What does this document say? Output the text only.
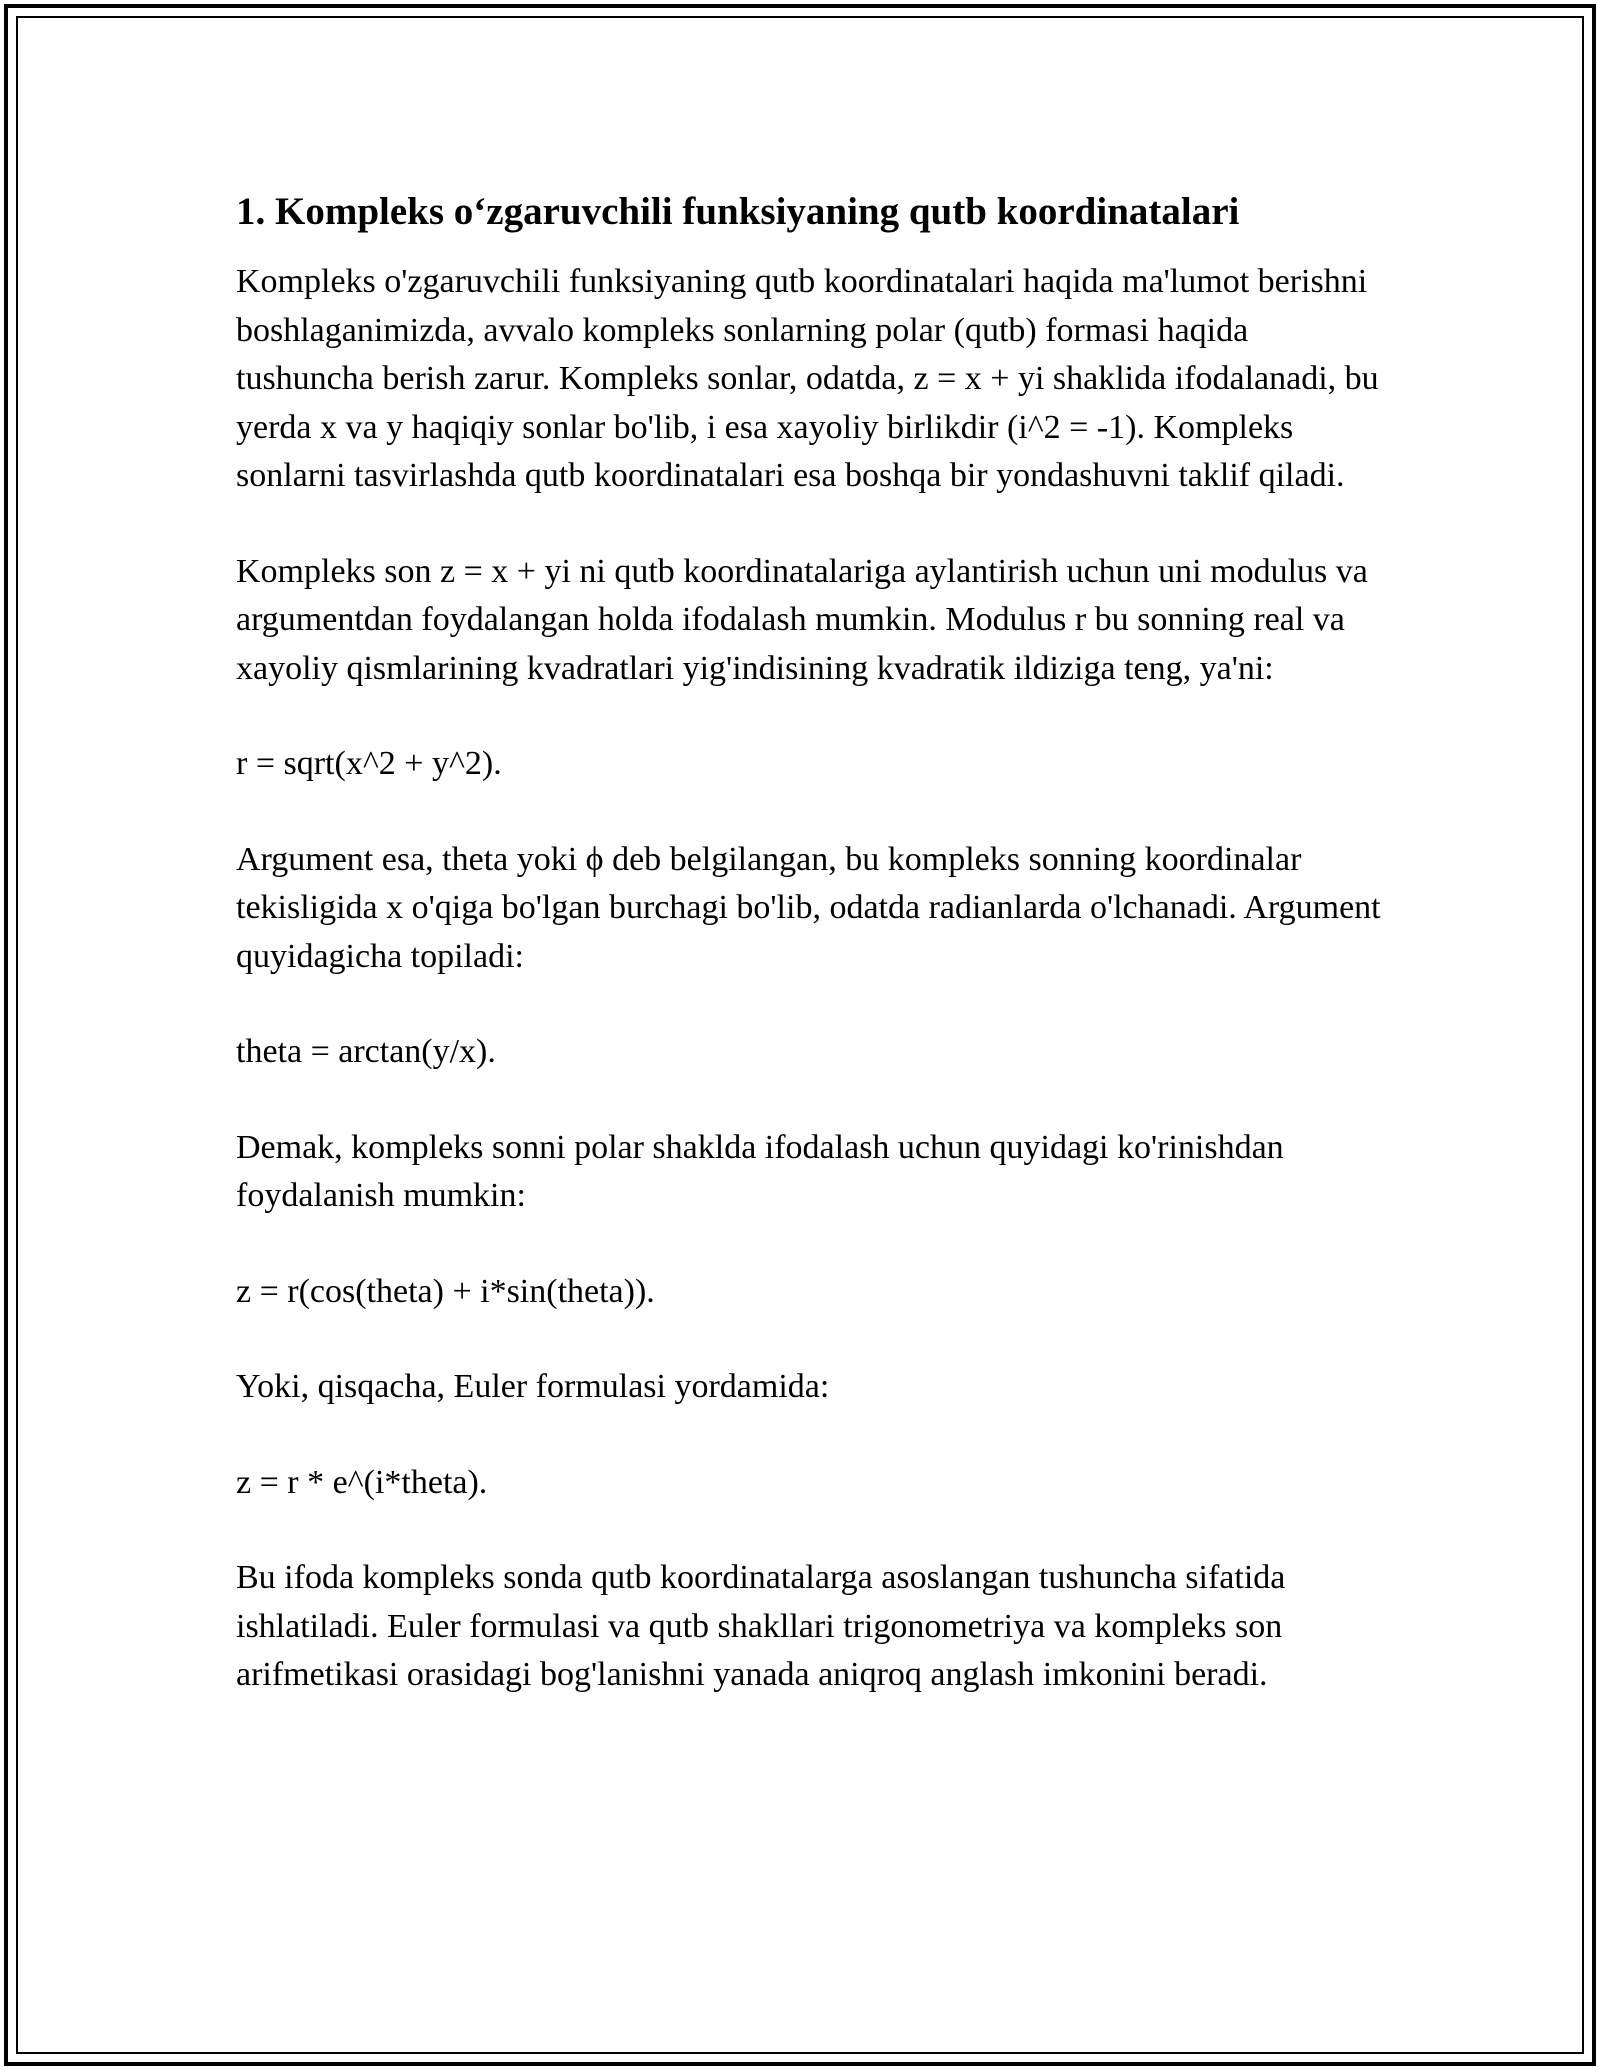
1. Kompleks o‘zgaruvchili funksiyaning qutb koordinatalari

Kompleks o'zgaruvchili funksiyaning qutb koordinatalari haqida ma'lumot berishni boshlaganimizda, avvalo kompleks sonlarning polar (qutb) formasi haqida tushuncha berish zarur. Kompleks sonlar, odatda, z = x + yi shaklida ifodalanadi, bu yerda x va y haqiqiy sonlar bo'lib, i esa xayoliy birlikdir (i^2 = -1). Kompleks sonlarni tasvirlashda qutb koordinatalari esa boshqa bir yondashuvni taklif qiladi.

Kompleks son z = x + yi ni qutb koordinatalariga aylantirish uchun uni modulus va argumentdan foydalangan holda ifodalash mumkin. Modulus r bu sonning real va xayoliy qismlarining kvadratlari yig'indisining kvadratik ildiziga teng, ya'ni:

r = sqrt(x^2 + y^2).

Argument esa, theta yoki ϕ deb belgilangan, bu kompleks sonning koordinalar tekisligida x o'qiga bo'lgan burchagi bo'lib, odatda radianlarda o'lchanadi. Argument quyidagicha topiladi:

theta = arctan(y/x).

Demak, kompleks sonni polar shaklda ifodalash uchun quyidagi ko'rinishdan foydalanish mumkin:

z = r(cos(theta) + i*sin(theta)).

Yoki, qisqacha, Euler formulasi yordamida:

z = r * e^(i*theta).

Bu ifoda kompleks sonda qutb koordinatalarga asoslangan tushuncha sifatida ishlatiladi. Euler formulasi va qutb shakllari trigonometriya va kompleks son arifmetikasi orasidagi bog'lanishni yanada aniqroq anglash imkonini beradi.
